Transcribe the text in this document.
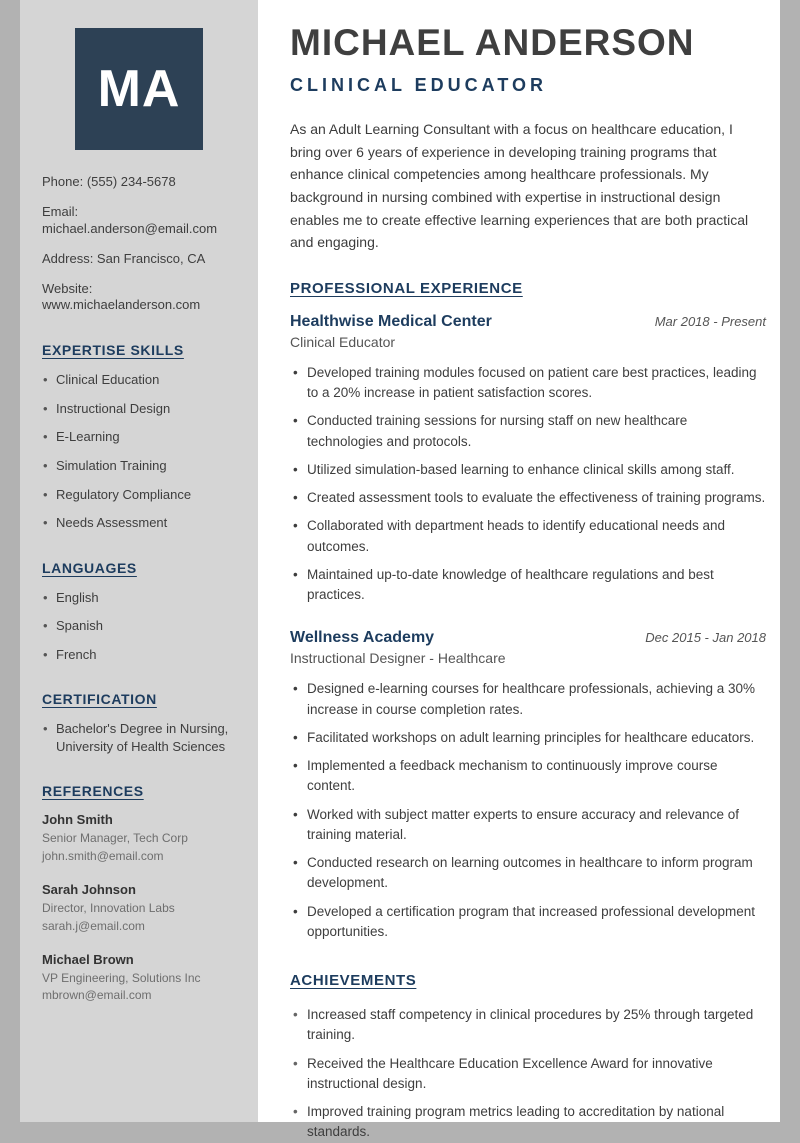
MA
Phone: (555) 234-5678
Email: michael.anderson@email.com
Address: San Francisco, CA
Website: www.michaelanderson.com
EXPERTISE SKILLS
• Clinical Education
• Instructional Design
• E-Learning
• Simulation Training
• Regulatory Compliance
• Needs Assessment
LANGUAGES
• English
• Spanish
• French
CERTIFICATION
• Bachelor's Degree in Nursing, University of Health Sciences
REFERENCES
John Smith
Senior Manager, Tech Corp
john.smith@email.com
Sarah Johnson
Director, Innovation Labs
sarah.j@email.com
Michael Brown
VP Engineering, Solutions Inc
mbrown@email.com
MICHAEL ANDERSON
CLINICAL EDUCATOR

As an Adult Learning Consultant with a focus on healthcare education, I bring over 6 years of experience in developing training programs that enhance clinical competencies among healthcare professionals. My background in nursing combined with expertise in instructional design enables me to create effective learning experiences that are both practical and engaging.

PROFESSIONAL EXPERIENCE
Healthwise Medical Center	Mar 2018 - Present
Clinical Educator
• Developed training modules focused on patient care best practices, leading to a 20% increase in patient satisfaction scores.
• Conducted training sessions for nursing staff on new healthcare technologies and protocols.
• Utilized simulation-based learning to enhance clinical skills among staff.
• Created assessment tools to evaluate the effectiveness of training programs.
• Collaborated with department heads to identify educational needs and outcomes.
• Maintained up-to-date knowledge of healthcare regulations and best practices.
Wellness Academy	Dec 2015 - Jan 2018
Instructional Designer - Healthcare
• Designed e-learning courses for healthcare professionals, achieving a 30% increase in course completion rates.
• Facilitated workshops on adult learning principles for healthcare educators.
• Implemented a feedback mechanism to continuously improve course content.
• Worked with subject matter experts to ensure accuracy and relevance of training material.
• Conducted research on learning outcomes in healthcare to inform program development.
• Developed a certification program that increased professional development opportunities.
ACHIEVEMENTS
• Increased staff competency in clinical procedures by 25% through targeted training.
• Received the Healthcare Education Excellence Award for innovative instructional design.
• Improved training program metrics leading to accreditation by national standards.
